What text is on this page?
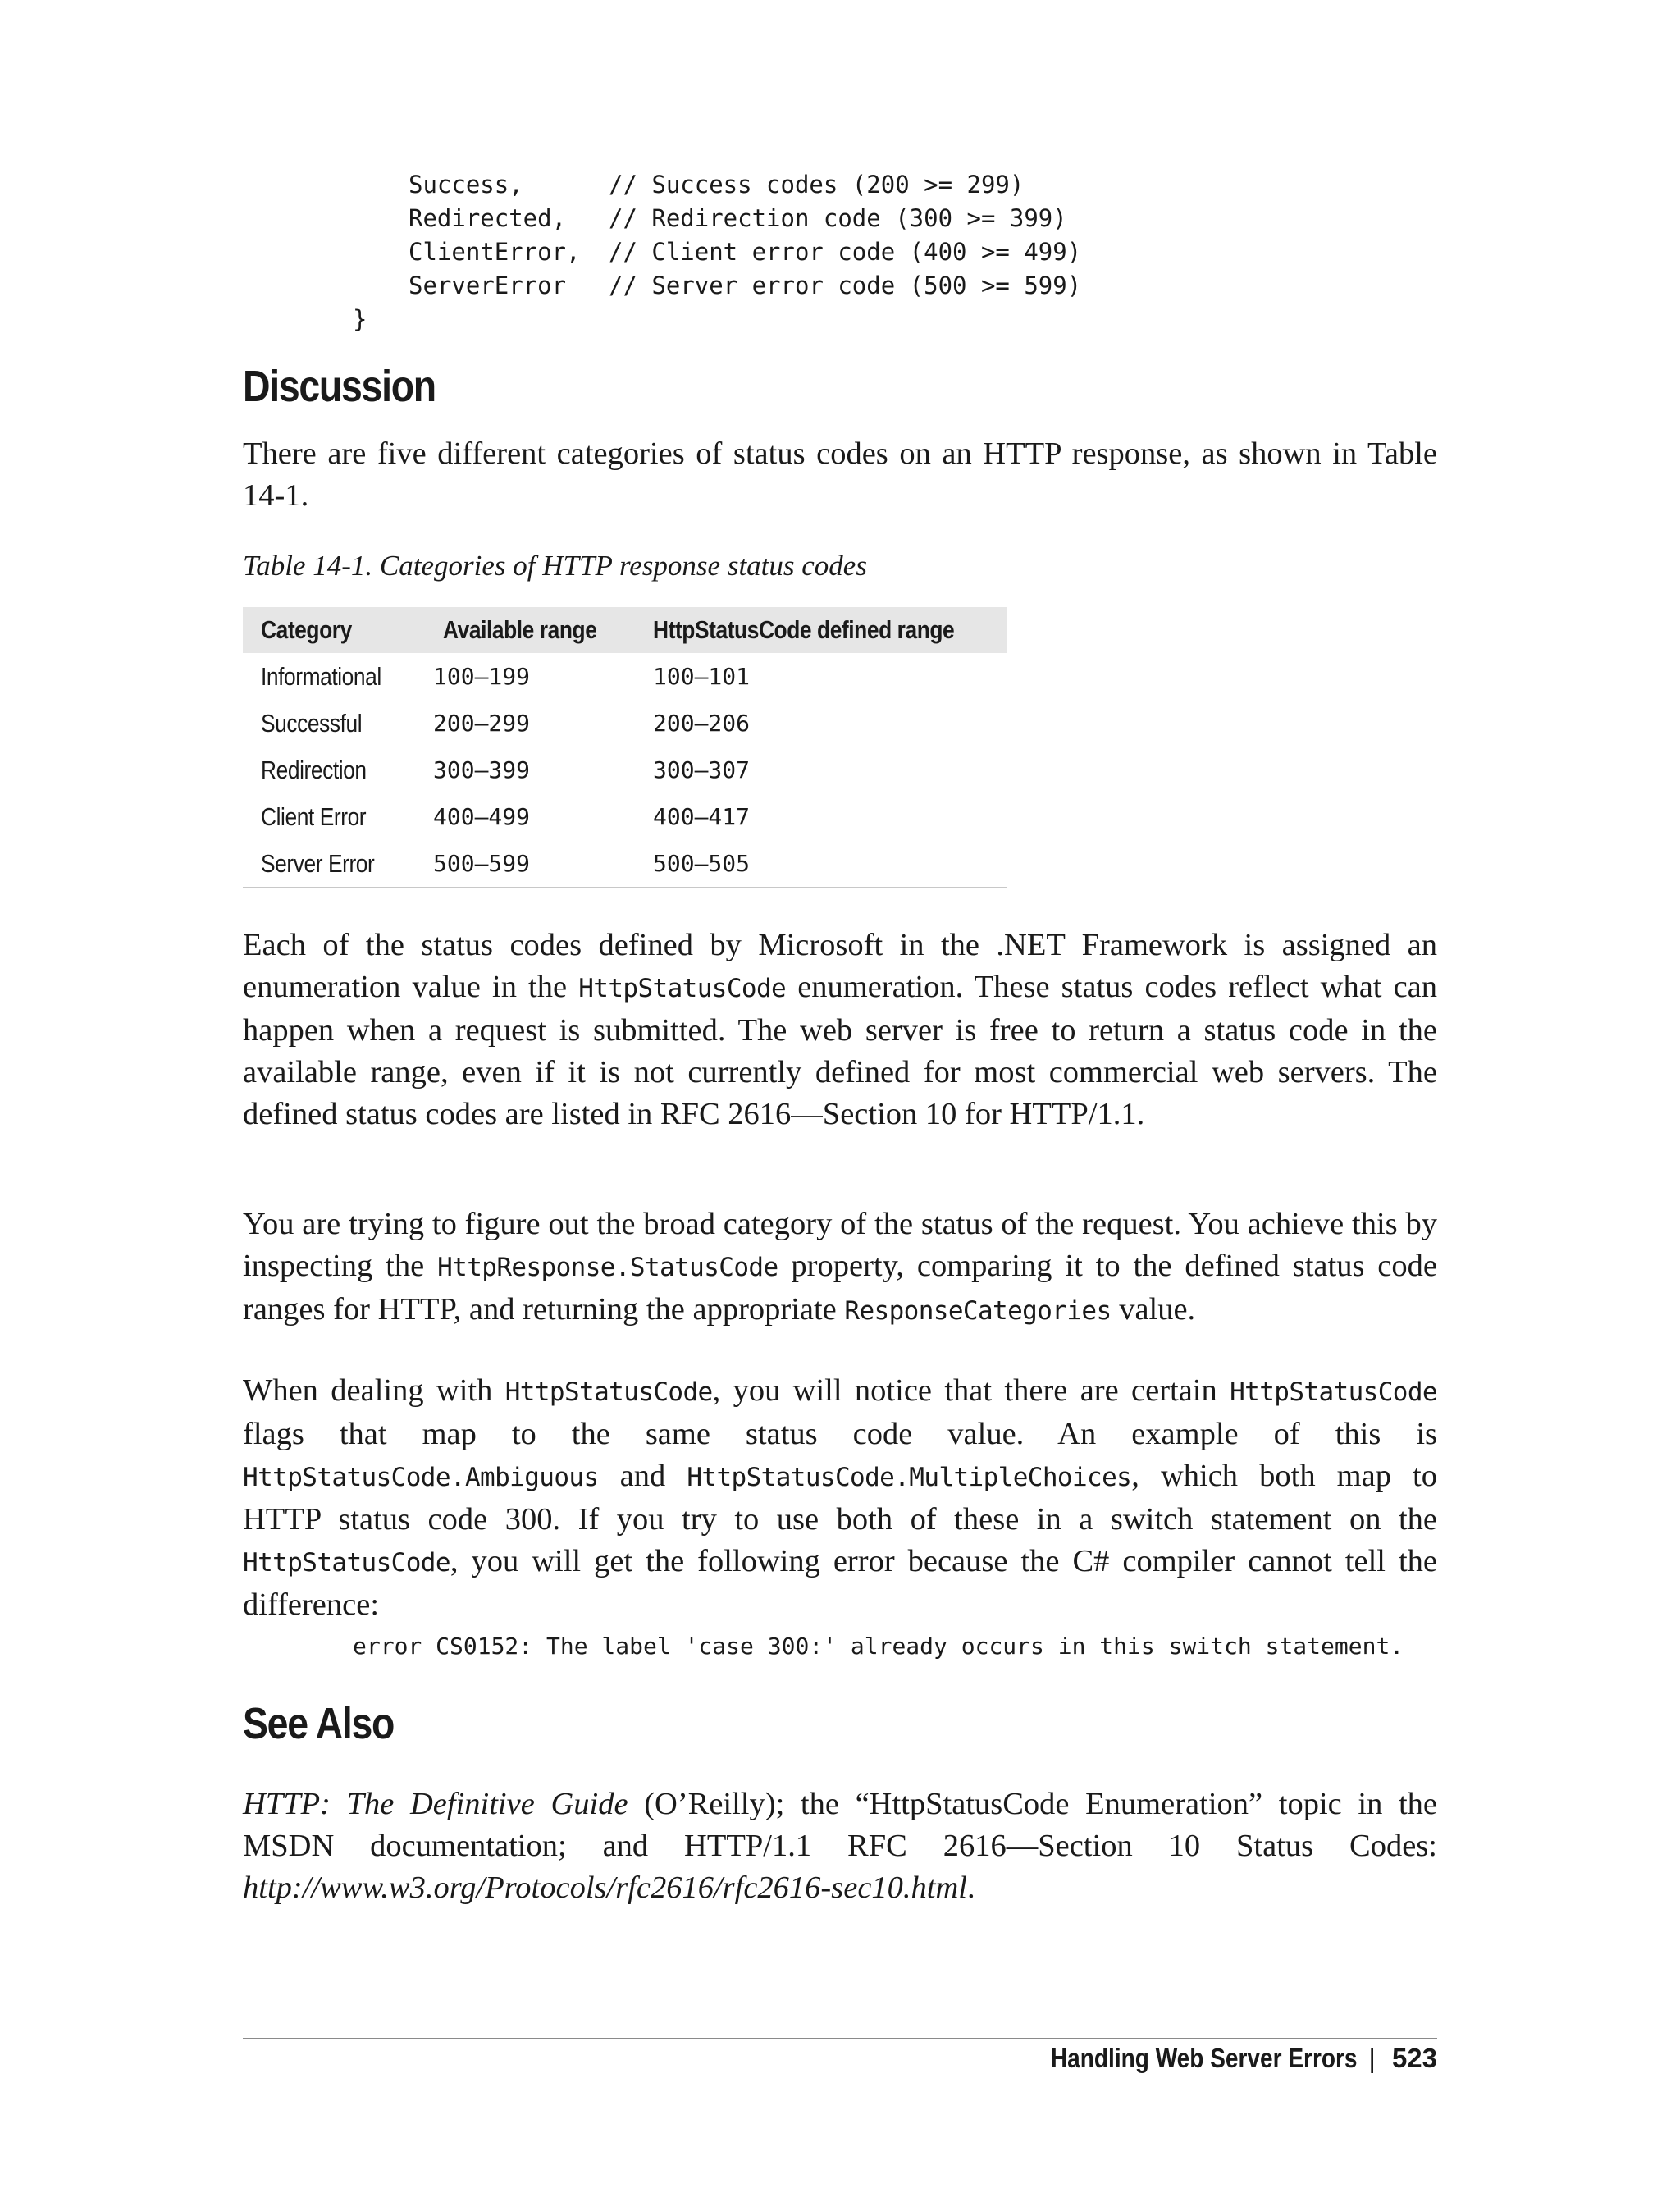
Success,	// Success codes (200 >= 299)
Redirected, // Redirection code (300 >= 399)
ClientError, // Client error code (400 >= 499)
ServerError // Server error code (500 >= 599)
}
Discussion

There are five different categories of status codes on an HTTP response, as shown in Table 14-1.

Table 14-1. Categories of HTTP response status codes

Category	Available range	HttpStatusCode defined range
Informational	100–199	100–101
Successful	200–299	200–206
Redirection	300–399	300–307
Client Error	400–499	400–417
Server Error	500–599	500–505

Each of the status codes defined by Microsoft in the .NET Framework is assigned an enumeration value in the HttpStatusCode enumeration. These status codes reflect what can happen when a request is submitted. The web server is free to return a status code in the available range, even if it is not currently defined for most commercial web servers. The defined status codes are listed in RFC 2616—Section 10 for HTTP/1.1.

You are trying to figure out the broad category of the status of the request. You achieve this by inspecting the HttpResponse.StatusCode property, comparing it to the defined status code ranges for HTTP, and returning the appropriate ResponseCategories value.

When dealing with HttpStatusCode, you will notice that there are certain HttpStatusCode flags that map to the same status code value. An example of this is HttpStatusCode.Ambiguous and HttpStatusCode.MultipleChoices, which both map to HTTP status code 300. If you try to use both of these in a switch statement on the HttpStatusCode, you will get the following error because the C# compiler cannot tell the difference:

error CS0152: The label 'case 300:' already occurs in this switch statement.
See Also

HTTP: The Definitive Guide (O’Reilly); the “HttpStatusCode Enumeration” topic in the MSDN documentation; and HTTP/1.1 RFC 2616—Section 10 Status Codes: http://www.w3.org/Protocols/rfc2616/rfc2616-sec10.html.

Handling Web Server Errors | 523
